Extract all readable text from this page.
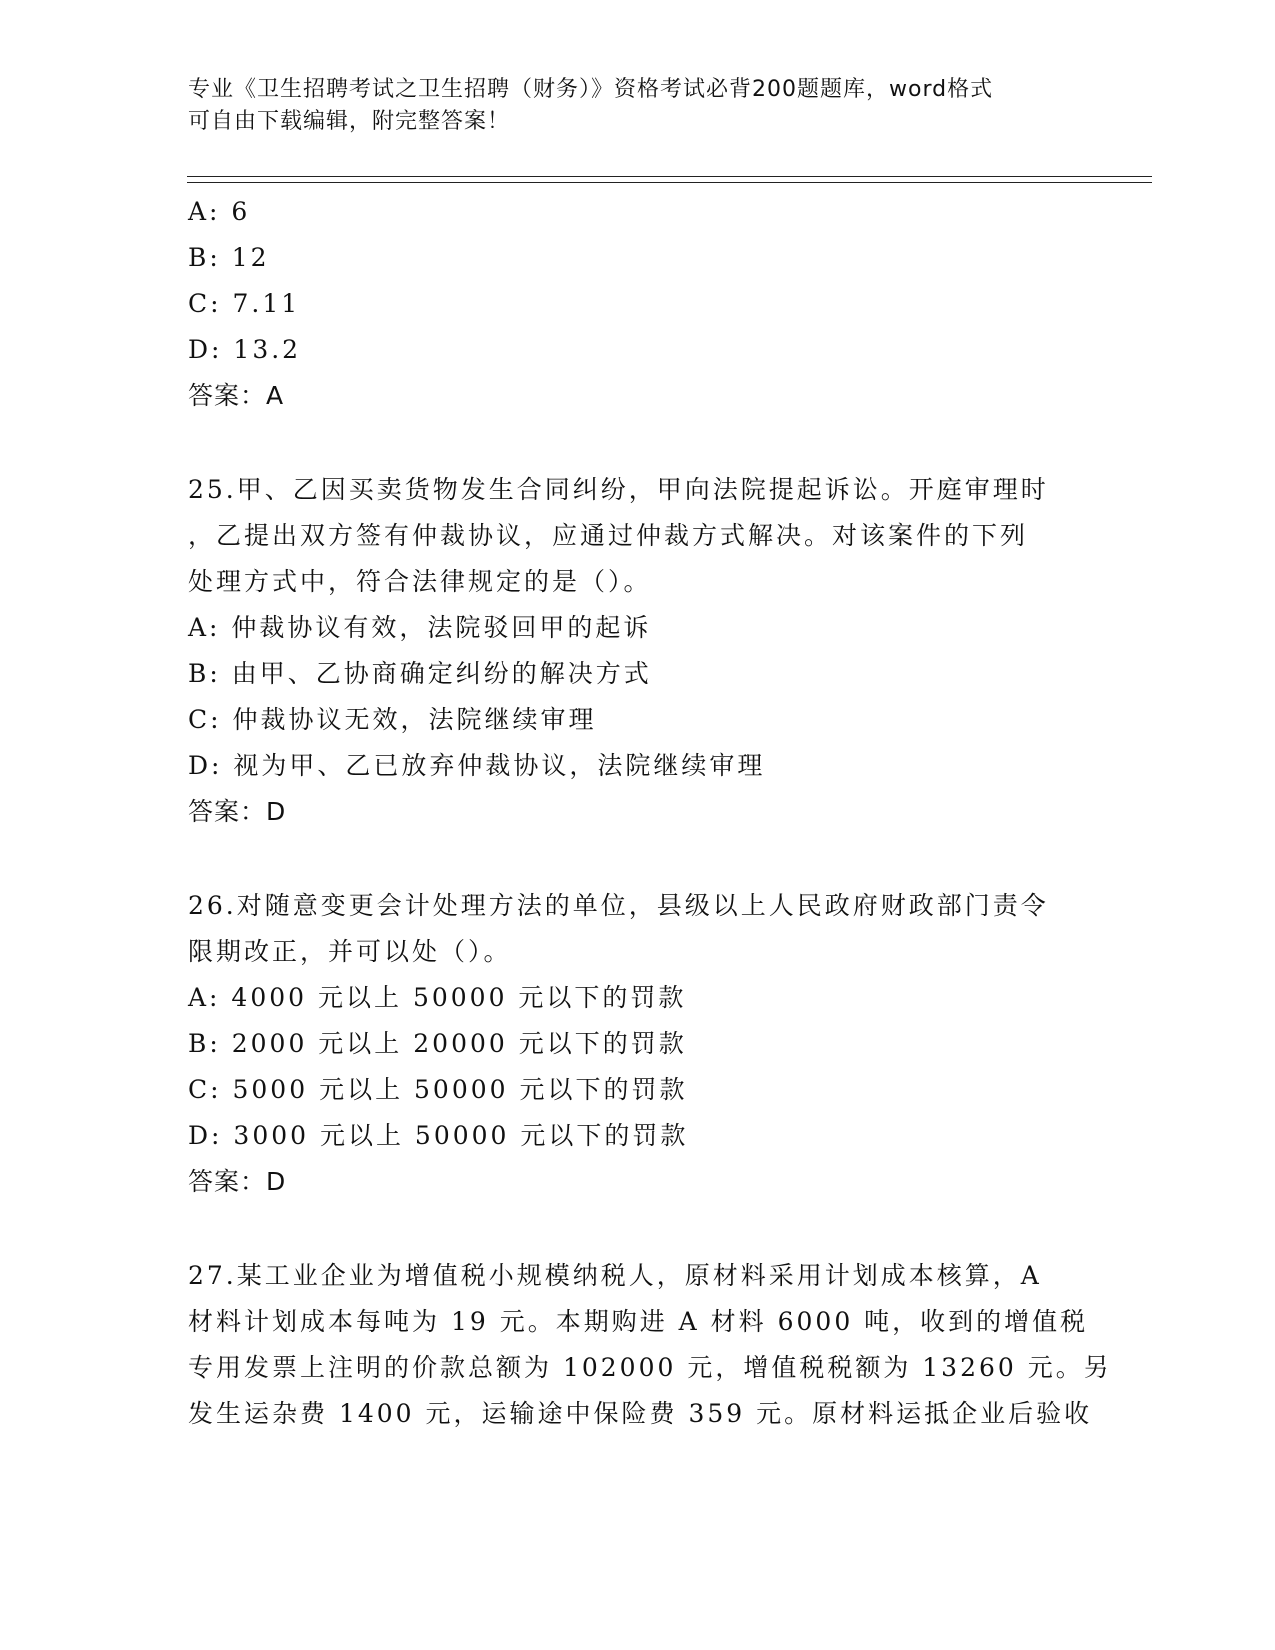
专业《卫生招聘考试之卫生招聘（财务）》资格考试必背200题题库，word格式
可自由下载编辑，附完整答案！
A: 6
B: 12
C: 7.11
D: 13.2
答案：A
25.甲、乙因买卖货物发生合同纠纷，甲向法院提起诉讼。开庭审理时
，乙提出双方签有仲裁协议，应通过仲裁方式解决。对该案件的下列
处理方式中，符合法律规定的是（）。
A: 仲裁协议有效，法院驳回甲的起诉
B: 由甲、乙协商确定纠纷的解决方式
C: 仲裁协议无效，法院继续审理
D: 视为甲、乙已放弃仲裁协议，法院继续审理
答案：D
26.对随意变更会计处理方法的单位，县级以上人民政府财政部门责令
限期改正，并可以处（）。
A: 4000 元以上 50000 元以下的罚款
B: 2000 元以上 20000 元以下的罚款
C: 5000 元以上 50000 元以下的罚款
D: 3000 元以上 50000 元以下的罚款
答案：D
27.某工业企业为增值税小规模纳税人，原材料采用计划成本核算，A
材料计划成本每吨为 19 元。本期购进 A 材料 6000 吨，收到的增值税
专用发票上注明的价款总额为 102000 元，增值税税额为 13260 元。另
发生运杂费 1400 元，运输途中保险费 359 元。原材料运抵企业后验收
